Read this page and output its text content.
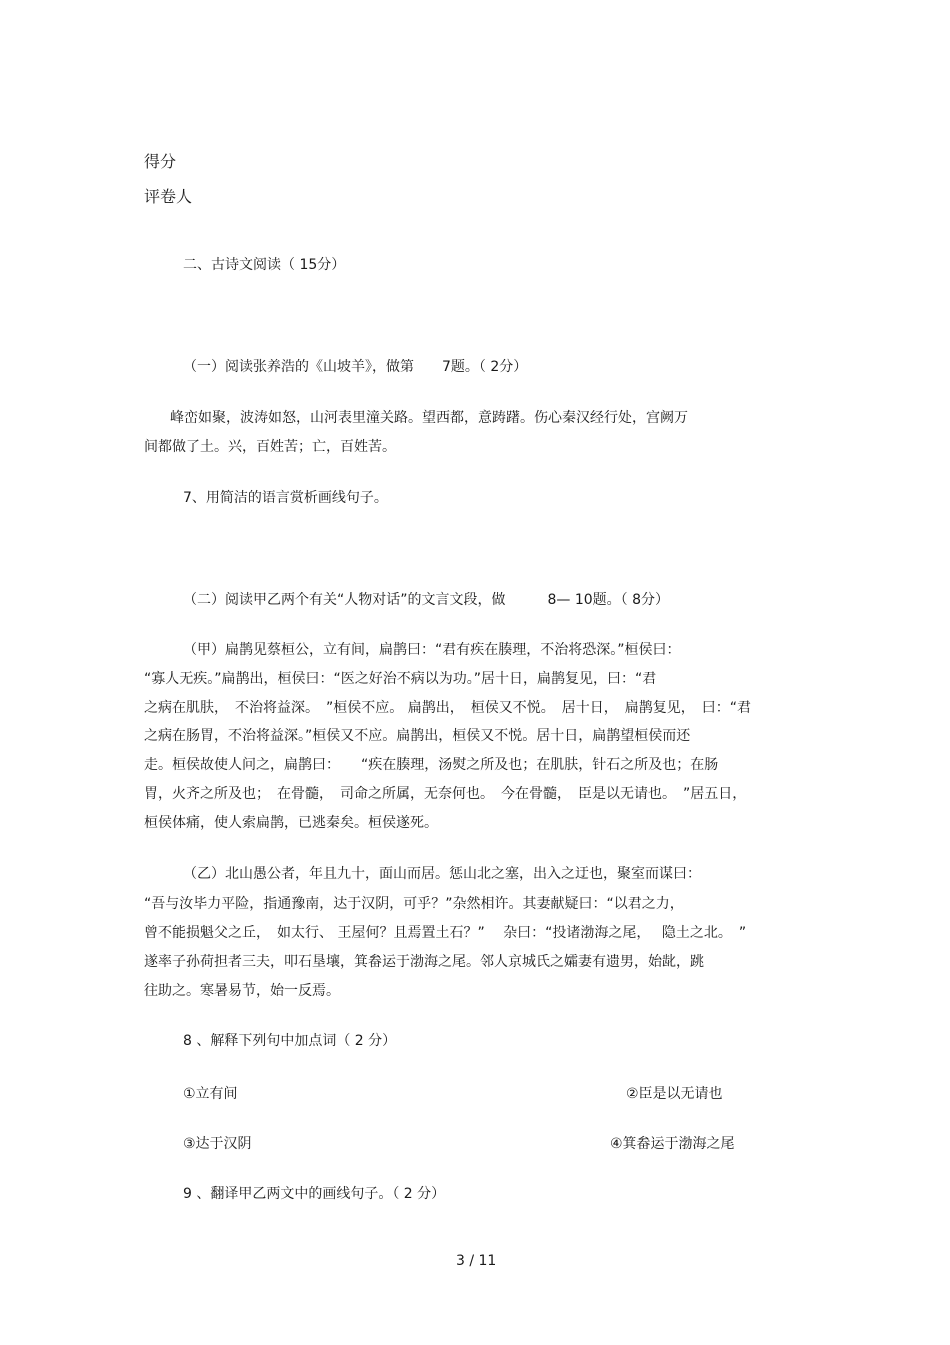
得分
评卷人
二、古诗文阅读（ 15分）
（一）阅读张养浩的《山坡羊》，做第　　7题。（ 2分）
峰峦如聚，波涛如怒，山河表里潼关路。望西都，意踌躇。伤心秦汉经行处，宫阙万
间都做了土。兴，百姓苦；亡，百姓苦。
7、用简洁的语言赏析画线句子。
（二）阅读甲乙两个有关“人物对话”的文言文段，做　　　8— 10题。（ 8分）
（甲）扁鹊见蔡桓公，立有间，扁鹊曰：“君有疾在腠理，不治将恐深。”桓侯曰：
“寡人无疾。”扁鹊出，桓侯曰：“医之好治不病以为功。”居十日，扁鹊复见，曰：“君
之病在肌肤，　不治将益深。　”桓侯不应。 扁鹊出，　桓侯又不悦。　居十日，　扁鹊复见，　曰：“君
之病在肠胃，不治将益深。”桓侯又不应。扁鹊出，桓侯又不悦。居十日，扁鹊望桓侯而还
走。桓侯故使人问之，扁鹊曰：　　“疾在腠理，汤熨之所及也；在肌肤，针石之所及也；在肠
胃，火齐之所及也；　在骨髓，　司命之所属，无奈何也。　今在骨髓，　臣是以无请也。　”居五日，
桓侯体痛，使人索扁鹊，已逃秦矣。桓侯遂死。
（乙）北山愚公者，年且九十，面山而居。惩山北之塞，出入之迂也，聚室而谋曰：
“吾与汝毕力平险，指通豫南，达于汉阴，可乎？”杂然相许。其妻献疑曰：“以君之力，
曾不能损魁父之丘，　如太行、 王屋何？且焉置土石？”　 杂曰：“投诸渤海之尾，　 隐土之北。　”
遂率子孙荷担者三夫，叩石垦壤，箕畚运于渤海之尾。邻人京城氏之孀妻有遗男，始龀，跳
往助之。寒暑易节，始一反焉。
8 、解释下列句中加点词（ 2 分）
①立有间	②臣是以无请也
③达于汉阴	④箕畚运于渤海之尾
9 、翻译甲乙两文中的画线句子。（ 2 分）
3 / 11
